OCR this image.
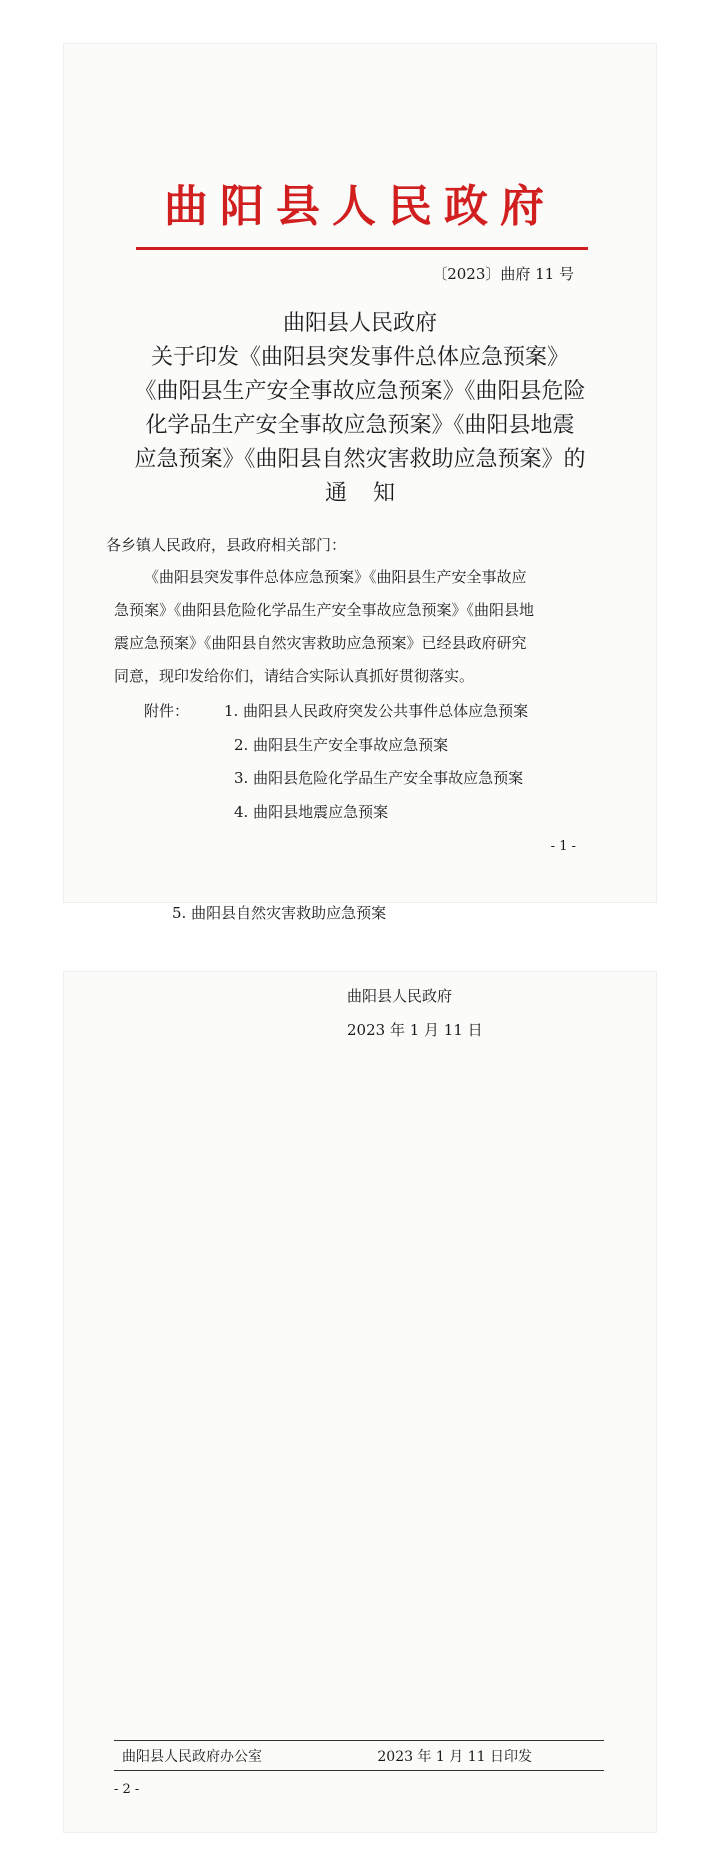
曲阳县人民政府
〔2023〕曲府 11 号
曲阳县人民政府
关于印发《曲阳县突发事件总体应急预案》
《曲阳县生产安全事故应急预案》《曲阳县危险
化学品生产安全事故应急预案》《曲阳县地震
应急预案》《曲阳县自然灾害救助应急预案》的
通知
各乡镇人民政府，县政府相关部门：
《曲阳县突发事件总体应急预案》《曲阳县生产安全事故应
急预案》《曲阳县危险化学品生产安全事故应急预案》《曲阳县地
震应急预案》《曲阳县自然灾害救助应急预案》已经县政府研究
同意，现印发给你们，请结合实际认真抓好贯彻落实。
附件： 1. 曲阳县人民政府突发公共事件总体应急预案
2. 曲阳县生产安全事故应急预案
3. 曲阳县危险化学品生产安全事故应急预案
4. 曲阳县地震应急预案
- 1 -
5. 曲阳县自然灾害救助应急预案
曲阳县人民政府
2023 年 1 月 11 日
曲阳县人民政府办公室	2023 年 1 月 11 日印发
- 2 -
